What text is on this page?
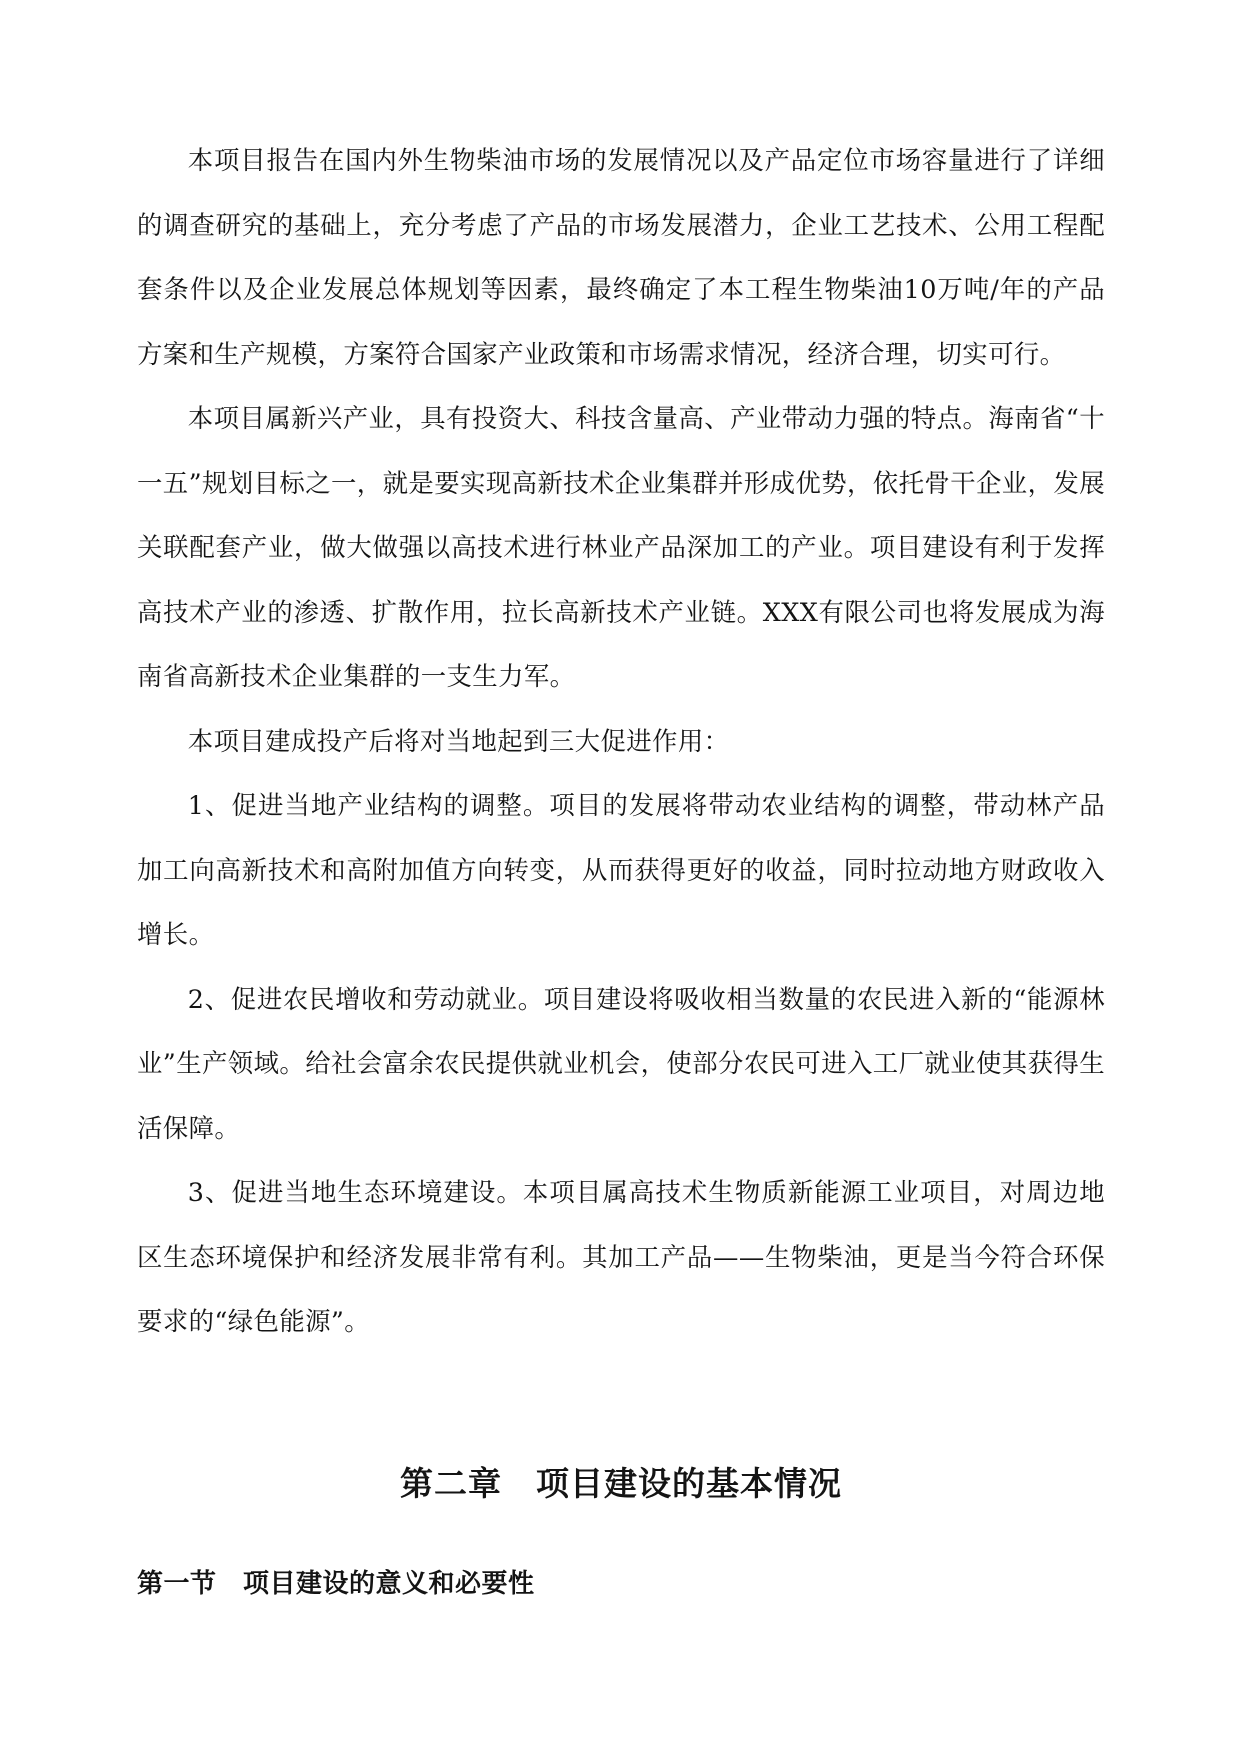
本项目报告在国内外生物柴油市场的发展情况以及产品定位市场容量进行了详细的调查研究的基础上，充分考虑了产品的市场发展潜力，企业工艺技术、公用工程配套条件以及企业发展总体规划等因素，最终确定了本工程生物柴油10万吨/年的产品方案和生产规模，方案符合国家产业政策和市场需求情况，经济合理，切实可行。

本项目属新兴产业，具有投资大、科技含量高、产业带动力强的特点。海南省“十一五”规划目标之一，就是要实现高新技术企业集群并形成优势，依托骨干企业，发展关联配套产业，做大做强以高技术进行林业产品深加工的产业。项目建设有利于发挥高技术产业的渗透、扩散作用，拉长高新技术产业链。XXX有限公司也将发展成为海南省高新技术企业集群的一支生力军。

本项目建成投产后将对当地起到三大促进作用：

1、促进当地产业结构的调整。项目的发展将带动农业结构的调整，带动林产品加工向高新技术和高附加值方向转变，从而获得更好的收益，同时拉动地方财政收入增长。

2、促进农民增收和劳动就业。项目建设将吸收相当数量的农民进入新的“能源林业”生产领域。给社会富余农民提供就业机会，使部分农民可进入工厂就业使其获得生活保障。

3、促进当地生态环境建设。本项目属高技术生物质新能源工业项目，对周边地区生态环境保护和经济发展非常有利。其加工产品——生物柴油，更是当今符合环保要求的“绿色能源”。

第二章　项目建设的基本情况
第一节　项目建设的意义和必要性
